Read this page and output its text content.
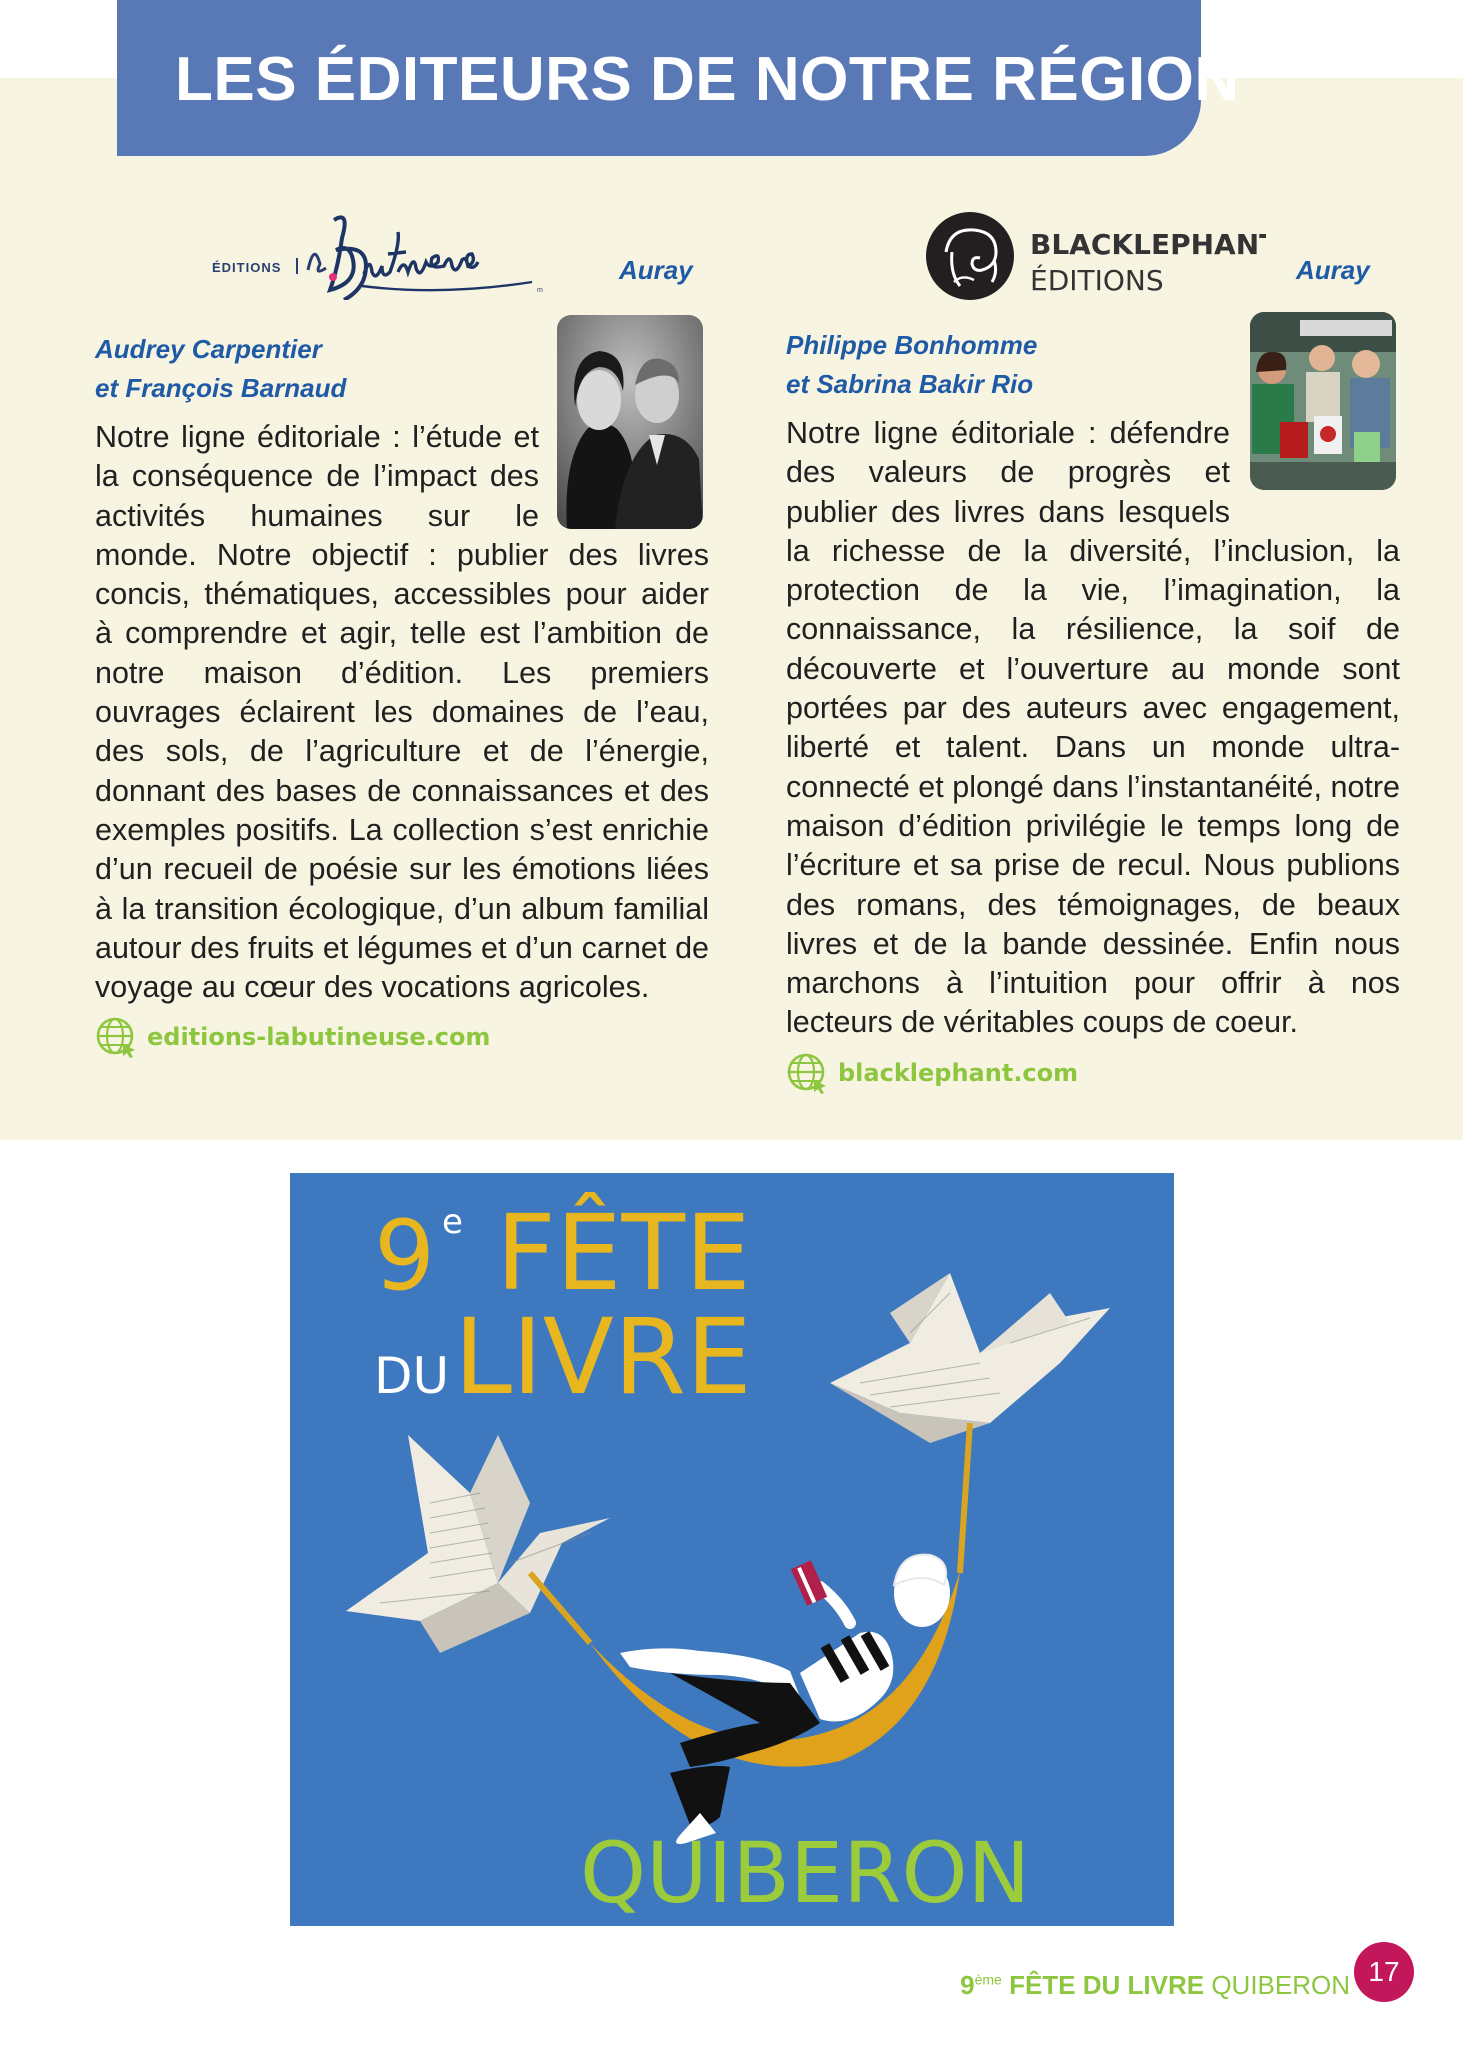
LES ÉDITEURS DE NOTRE RÉGION
ÉDITIONS
m
Auray
Audrey Carpentier
et François Barnaud

Notre ligne éditoriale : l’étude et la conséquence de l’impact des activités humaines sur le monde. Notre objectif : publier des livres concis, thématiques, accessibles pour aider à comprendre et agir, telle est l’ambition de notre maison d’édition. Les premiers ouvrages éclairent les domaines de l’eau, des sols, de l’agriculture et de l’énergie, donnant des bases de connaissances et des exemples positifs. La collection s’est enrichie d’un recueil de poésie sur les émotions liées à la transition écologique, d’un album familial autour des fruits et légumes et d’un carnet de voyage au cœur des vocations agricoles.

editions-labutineuse.com
BLACKLEPHANT
ÉDITIONS	Auray
Philippe Bonhomme
et Sabrina Bakir Rio

Notre ligne éditoriale : défendre des valeurs de progrès et publier des livres dans lesquels la richesse de la diversité, l’inclusion, la protection de la vie, l’imagination, la connaissance, la résilience, la soif de découverte et l’ouverture au monde sont portées par des auteurs avec engagement, liberté et talent. Dans un monde ultra-connecté et plongé dans l’instantanéité, notre maison d’édition privilégie le temps long de l’écriture et sa prise de recul. Nous publions des romans, des témoignages, de beaux livres et de la bande dessinée. Enfin nous marchons à l’intuition pour offrir à nos lecteurs de véritables coups de coeur.

blacklephant.com
9 e FÊTE
DU LIVRE
QUIBERON
9ème FÊTE DU LIVRE QUIBERON 17
